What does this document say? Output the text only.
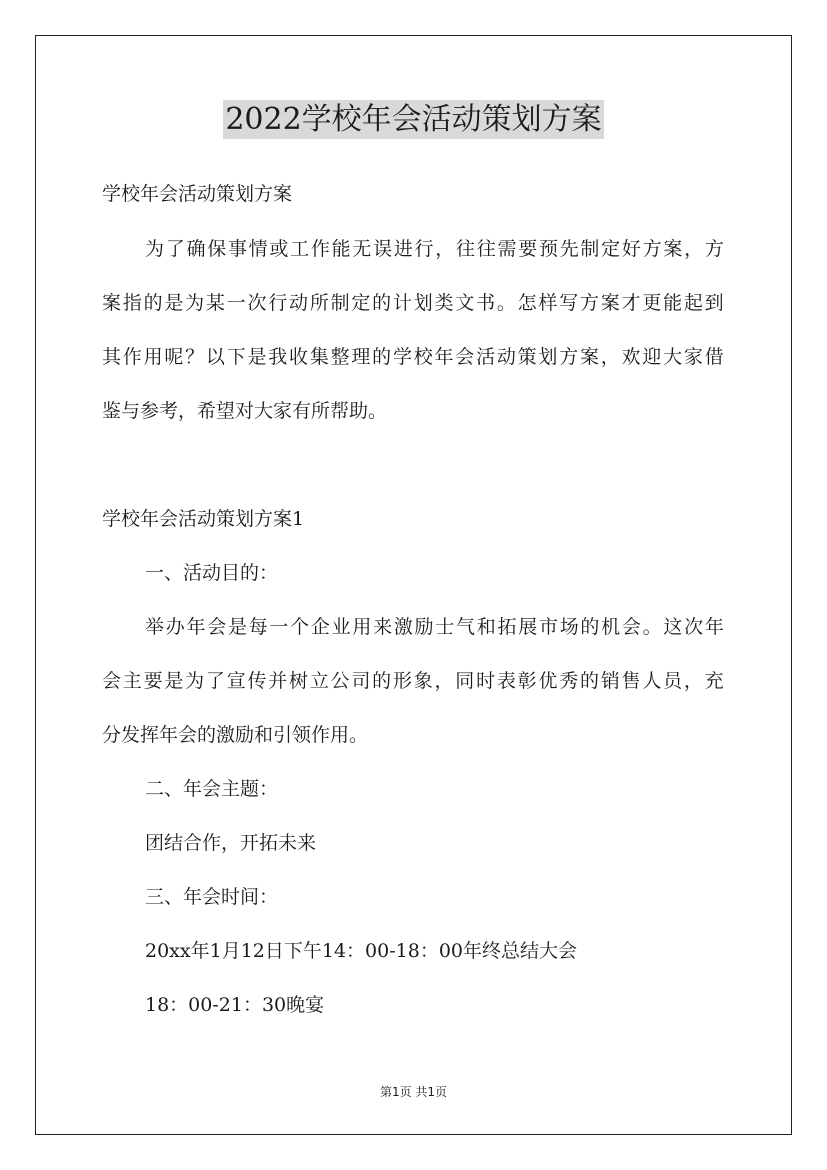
2022学校年会活动策划方案
学校年会活动策划方案
为 了 确 保 事 情 或 工 作 能 无 误 进 行 ， 往 往 需 要 预 先 制 定 好 方 案 ， 方
案 指 的 是 为 某 一 次 行 动 所 制 定 的 计 划 类 文 书 。 怎 样 写 方 案 才 更 能 起 到
其 作 用 呢 ？ 以 下 是 我 收 集 整 理 的 学 校 年 会 活 动 策 划 方 案 ， 欢 迎 大 家 借
鉴与参考，希望对大家有所帮助。
学校年会活动策划方案1
一、活动目的：
举 办 年 会 是 每 一 个 企 业 用 来 激 励 士 气 和 拓 展 市 场 的 机 会 。 这 次 年
会 主 要 是 为 了 宣 传 并 树 立 公 司 的 形 象 ， 同 时 表 彰 优 秀 的 销 售 人 员 ， 充
分发挥年会的激励和引领作用。
二、年会主题：
团结合作，开拓未来
三、年会时间：
20xx年1月12日下午14：00-18：00年终总结大会
18：00-21：30晚宴
第1页 共1页
